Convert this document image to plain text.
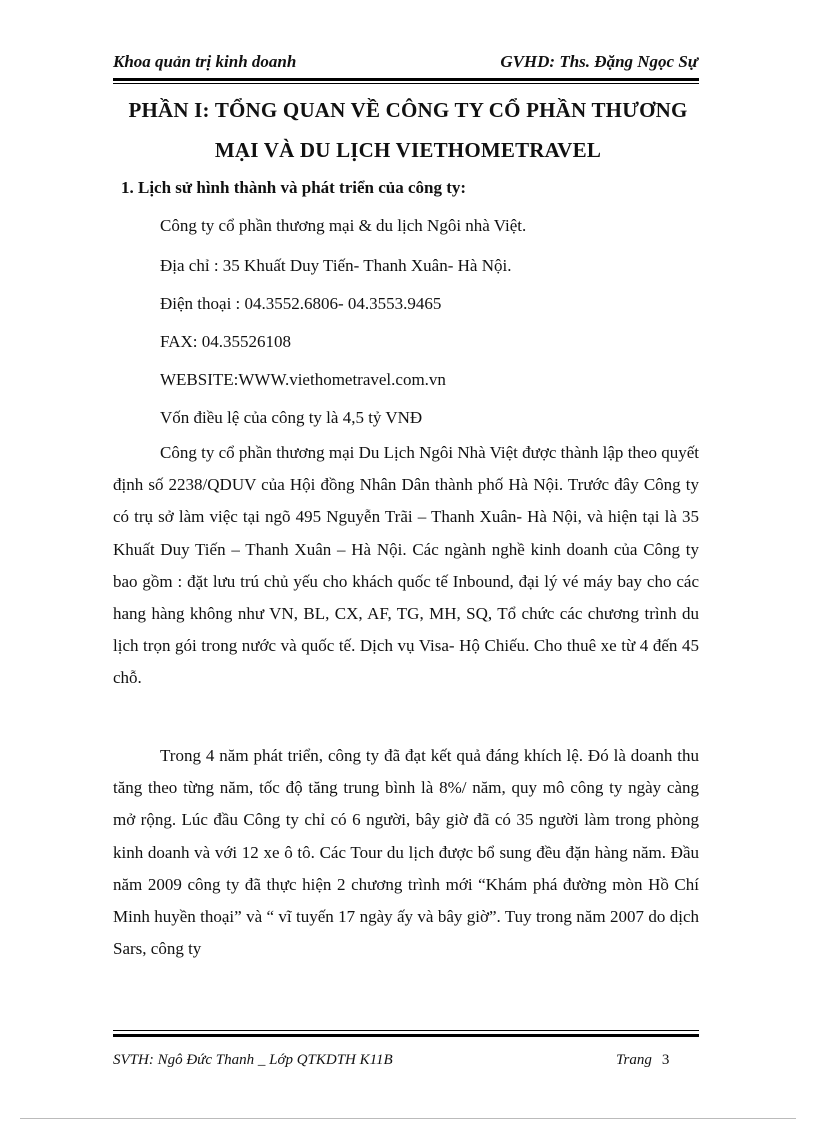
Khoa quản trị kinh doanh	GVHD: Ths. Đặng Ngọc Sự
PHẦN I: TỔNG QUAN VỀ CÔNG TY CỔ PHẦN THƯƠNG
MẠI VÀ DU LỊCH VIETHOMETRAVEL
1. Lịch sử hình thành và phát triển của công ty:
Công ty cổ phần thương mại & du lịch Ngôi nhà Việt.
Địa chỉ : 35 Khuất Duy Tiến- Thanh Xuân- Hà Nội.
Điện thoại : 04.3552.6806- 04.3553.9465
FAX: 04.35526108
WEBSITE:WWW.viethometravel.com.vn
Vốn điều lệ của công ty là 4,5 tỷ VNĐ

Công ty cổ phần thương mại Du Lịch Ngôi Nhà Việt được thành lập theo quyết định số 2238/QDUV của Hội đồng Nhân Dân thành phố Hà Nội. Trước đây Công ty có trụ sở làm việc tại ngõ 495 Nguyễn Trãi – Thanh Xuân- Hà Nội, và hiện tại là 35 Khuất Duy Tiến – Thanh Xuân – Hà Nội. Các ngành nghề kinh doanh của Công ty bao gồm : đặt lưu trú chủ yếu cho khách quốc tế Inbound, đại lý vé máy bay cho các hang hàng không như VN, BL, CX, AF, TG, MH, SQ, Tổ chức các chương trình du lịch trọn gói trong nước và quốc tế. Dịch vụ Visa- Hộ Chiếu. Cho thuê xe từ 4 đến 45 chỗ.

Trong 4 năm phát triển, công ty đã đạt kết quả đáng khích lệ. Đó là doanh thu tăng theo từng năm, tốc độ tăng trung bình là 8%/ năm, quy mô công ty ngày càng mở rộng. Lúc đầu Công ty chỉ có 6 người, bây giờ đã có 35 người làm trong phòng kinh doanh và với 12 xe ô tô. Các Tour du lịch được bổ sung đều đặn hàng năm. Đầu năm 2009 công ty đã thực hiện 2 chương trình mới “Khám phá đường mòn Hồ Chí Minh huyền thoại” và “ vĩ tuyến 17 ngày ấy và bây giờ”. Tuy trong năm 2007 do dịch Sars, công ty

SVTH: Ngô Đức Thanh _ Lớp QTKDTH K11B	Trang 3
